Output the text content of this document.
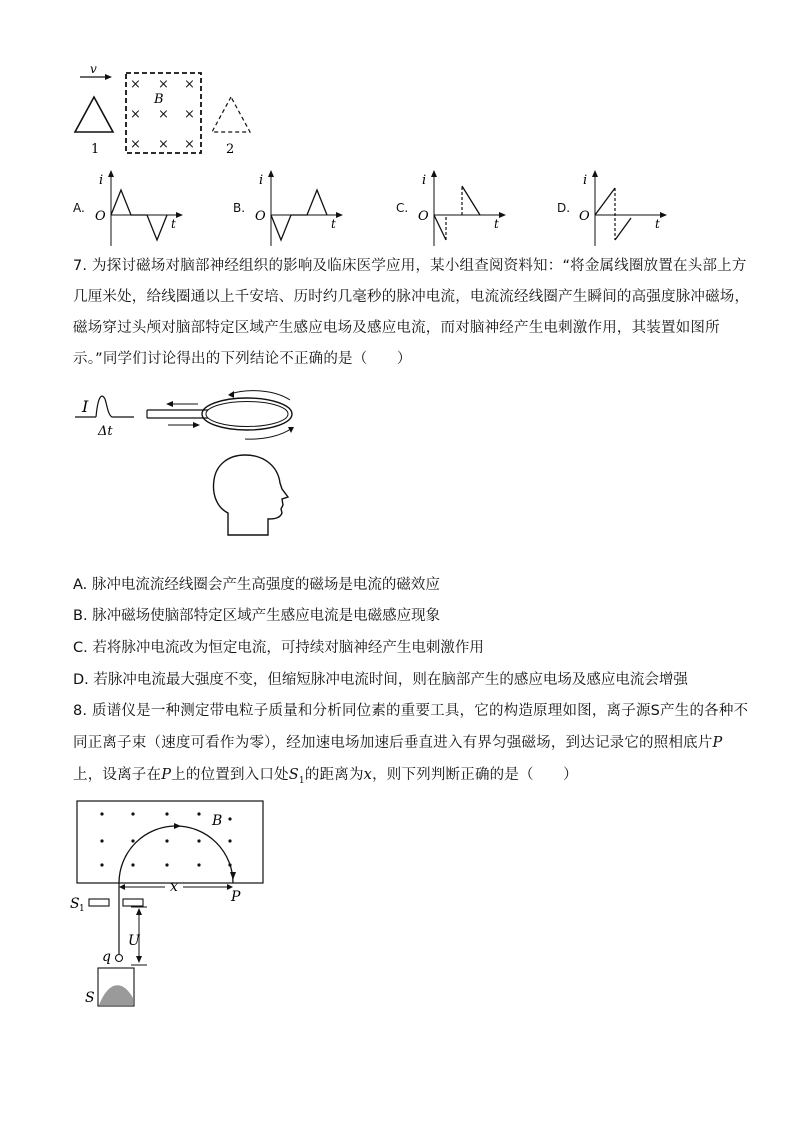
v
1
× × ×
× × ×
× × ×
B
2
A.
i
O	t
B.
i
O	t
C.
i
O	t
D.
i
O	t
7. 为探讨磁场对脑部神经组织的影响及临床医学应用，某小组查阅资料知：“将金属线圈放置在头部上方
几厘米处，给线圈通以上千安培、历时约几毫秒的脉冲电流，电流流经线圈产生瞬间的高强度脉冲磁场，
磁场穿过头颅对脑部特定区域产生感应电场及感应电流，而对脑神经产生电刺激作用，其装置如图所
示。”同学们讨论得出的下列结论不正确的是（　　）
I
Δt
A. 脉冲电流流经线圈会产生高强度的磁场是电流的磁效应
B. 脉冲磁场使脑部特定区域产生感应电流是电磁感应现象
C. 若将脉冲电流改为恒定电流，可持续对脑神经产生电刺激作用
D. 若脉冲电流最大强度不变，但缩短脉冲电流时间，则在脑部产生的感应电场及感应电流会增强
8. 质谱仪是一种测定带电粒子质量和分析同位素的重要工具，它的构造原理如图，离子源S产生的各种不
同正离子束（速度可看作为零），经加速电场加速后垂直进入有界匀强磁场，到达记录它的照相底片P
上，设离子在P上的位置到入口处$S_1$的距离为x，则下列判断正确的是（　　）
B
x
P
S 1
q
U
S
